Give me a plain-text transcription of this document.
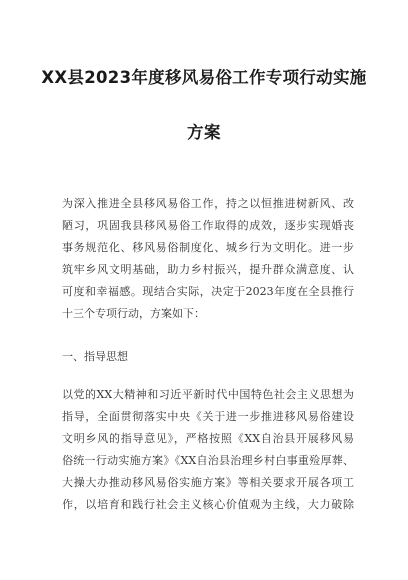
XX县2023年度移风易俗工作专项行动实施
方案
为深入推进全县移风易俗工作，持之以恒推进树新风、改
陋习，巩固我县移风易俗工作取得的成效，逐步实现婚丧
事务规范化、移风易俗制度化、城乡行为文明化。进一步
筑牢乡风文明基础，助力乡村振兴，提升群众满意度、认
可度和幸福感。现结合实际，决定于2023年度在全县推行
十三个专项行动，方案如下：
一、指导思想
以党的XX大精神和习近平新时代中国特色社会主义思想为
指导，全面贯彻落实中央《关于进一步推进移风易俗建设
文明乡风的指导意见》，严格按照《XX自治县开展移风易
俗统一行动实施方案》《XX自治县治理乡村白事重殓厚葬、
大操大办推动移风易俗实施方案》等相关要求开展各项工
作，以培育和践行社会主义核心价值观为主线，大力破除
